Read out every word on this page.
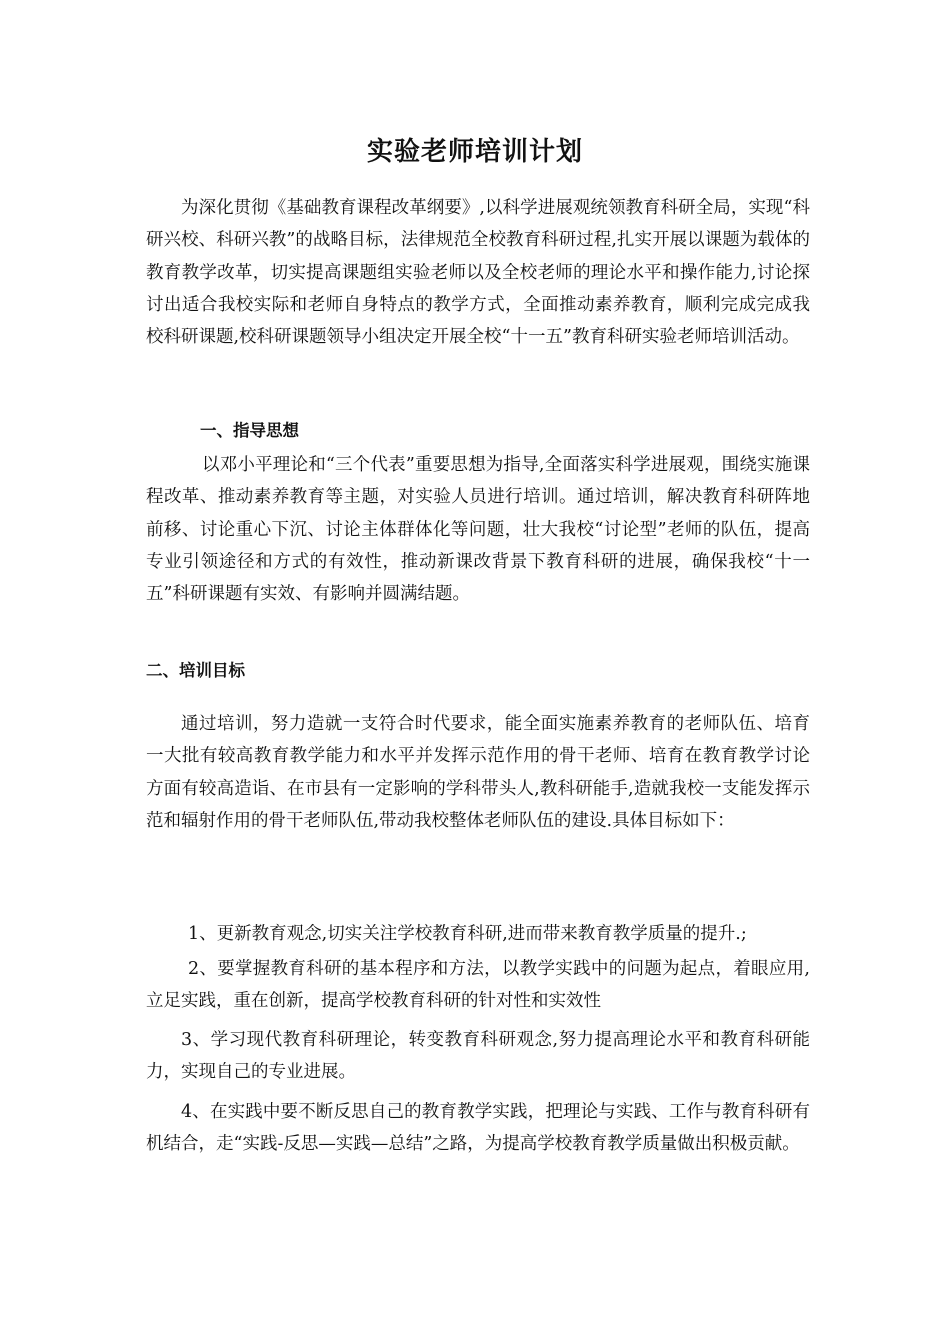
实验老师培训计划

为深化贯彻《基础教育课程改革纲要》,以科学进展观统领教育科研全局，实现“科研兴校、科研兴教”的战略目标，法律规范全校教育科研过程,扎实开展以课题为载体的教育教学改革，切实提高课题组实验老师以及全校老师的理论水平和操作能力,讨论探讨出适合我校实际和老师自身特点的教学方式，全面推动素养教育，顺利完成完成我校科研课题,校科研课题领导小组决定开展全校“十一五”教育科研实验老师培训活动。

一、指导思想

以邓小平理论和“三个代表”重要思想为指导,全面落实科学进展观，围绕实施课程改革、推动素养教育等主题，对实验人员进行培训。通过培训，解决教育科研阵地前移、讨论重心下沉、讨论主体群体化等问题，壮大我校“讨论型”老师的队伍，提高专业引领途径和方式的有效性，推动新课改背景下教育科研的进展，确保我校“十一五”科研课题有实效、有影响并圆满结题。

二、培训目标

通过培训，努力造就一支符合时代要求，能全面实施素养教育的老师队伍、培育一大批有较高教育教学能力和水平并发挥示范作用的骨干老师、培育在教育教学讨论方面有较高造诣、在市县有一定影响的学科带头人,教科研能手,造就我校一支能发挥示范和辐射作用的骨干老师队伍,带动我校整体老师队伍的建设.具体目标如下：

1、更新教育观念,切实关注学校教育科研,进而带来教育教学质量的提升.;

2、要掌握教育科研的基本程序和方法，以教学实践中的问题为起点，着眼应用,立足实践，重在创新，提高学校教育科研的针对性和实效性

3、学习现代教育科研理论，转变教育科研观念,努力提高理论水平和教育科研能力，实现自己的专业进展。

4、在实践中要不断反思自己的教育教学实践，把理论与实践、工作与教育科研有机结合，走“实践-反思—实践—总结”之路，为提高学校教育教学质量做出积极贡献。
